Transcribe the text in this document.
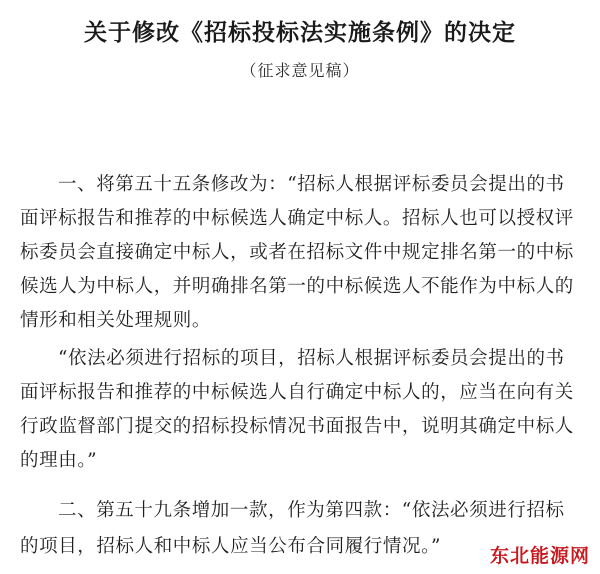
关于修改《招标投标法实施条例》的决定
（征求意见稿）
一、将第五十五条修改为：“招标人根据评标委员会提出的书
面评标报告和推荐的中标候选人确定中标人。招标人也可以授权评
标委员会直接确定中标人，或者在招标文件中规定排名第一的中标
候选人为中标人，并明确排名第一的中标候选人不能作为中标人的
情形和相关处理规则。
“依法必须进行招标的项目，招标人根据评标委员会提出的书
面评标报告和推荐的中标候选人自行确定中标人的，应当在向有关
行政监督部门提交的招标投标情况书面报告中，说明其确定中标人
的理由。”
二、第五十九条增加一款，作为第四款：“依法必须进行招标
的项目，招标人和中标人应当公布合同履行情况。”	东北能源网
